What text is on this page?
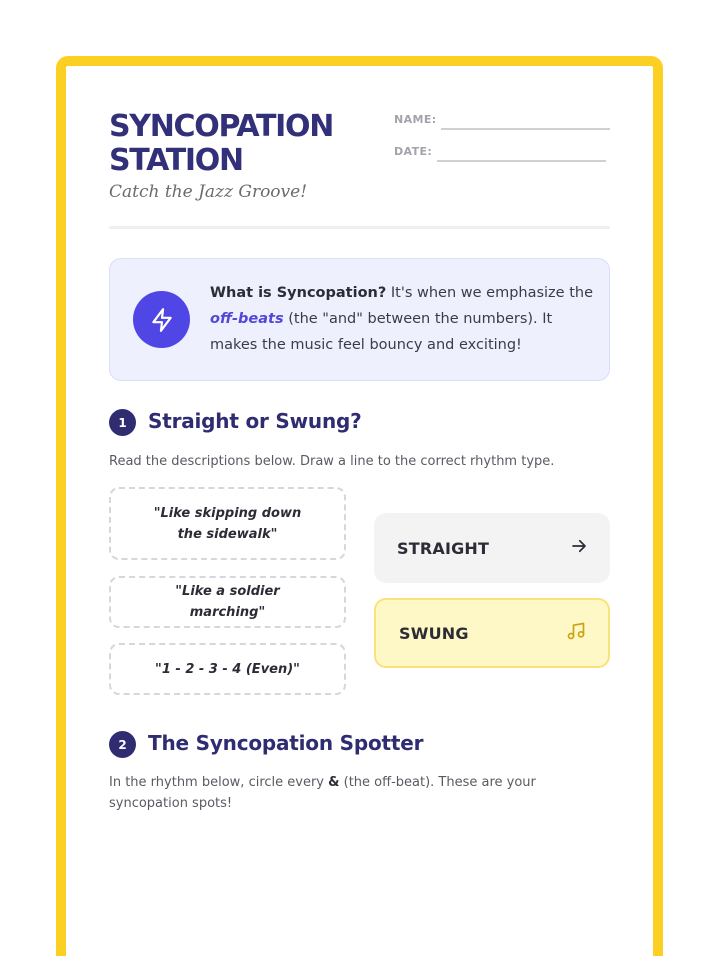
SYNCOPATION STATION
Catch the Jazz Groove!
NAME:
DATE:
What is Syncopation? It's when we emphasize the off-beats (the "and" between the numbers). It makes the music feel bouncy and exciting!
1	Straight or Swung?
Read the descriptions below. Draw a line to the correct rhythm type.
"Like skipping down the sidewalk"
"Like a soldier marching"
"1 - 2 - 3 - 4 (Even)"
STRAIGHT
SWUNG
2	The Syncopation Spotter
In the rhythm below, circle every & (the off-beat). These are your syncopation spots!
